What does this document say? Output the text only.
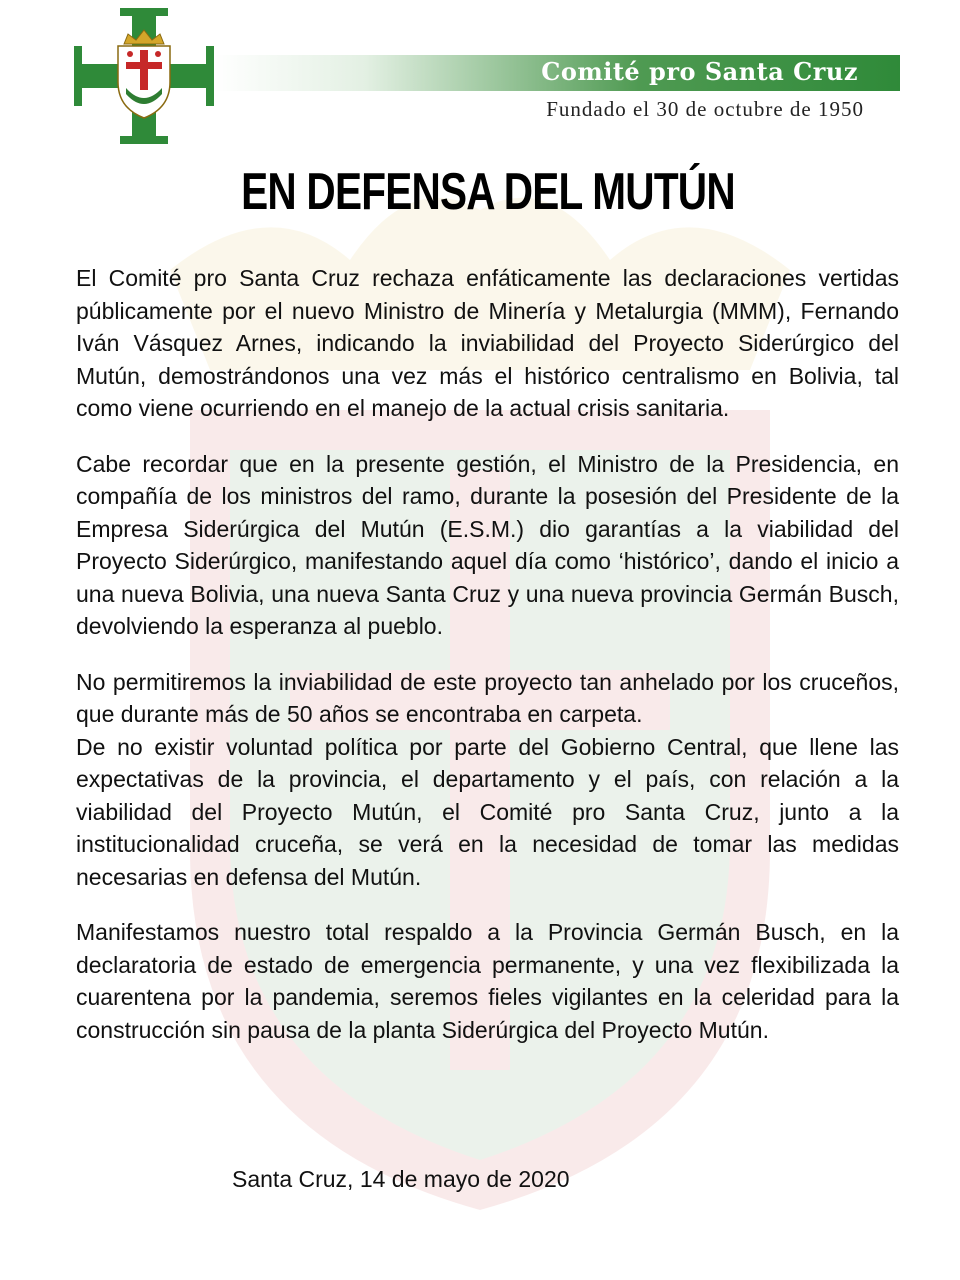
Comité pro Santa Cruz
Fundado el 30 de octubre de 1950
EN DEFENSA DEL MUTÚN

El Comité pro Santa Cruz rechaza enfáticamente las declaraciones vertidas públicamente por el nuevo Ministro de Minería y Metalurgia (MMM), Fernando Iván Vásquez Arnes, indicando la inviabilidad del Proyecto Siderúrgico del Mutún, demostrándonos una vez más el histórico centralismo en Bolivia, tal como viene ocurriendo en el manejo de la actual crisis sanitaria.

Cabe recordar que en la presente gestión, el Ministro de la Presidencia, en compañía de los ministros del ramo, durante la posesión del Presidente de la Empresa Siderúrgica del Mutún (E.S.M.) dio garantías a la viabilidad del Proyecto Siderúrgico, manifestando aquel día como ‘histórico’, dando el inicio a una nueva Bolivia, una nueva Santa Cruz y una nueva provincia Germán Busch, devolviendo la esperanza al pueblo.

No permitiremos la inviabilidad de este proyecto tan anhelado por los cruceños, que durante más de 50 años se encontraba en carpeta.

De no existir voluntad política por parte del Gobierno Central, que llene las expectativas de la provincia, el departamento y el país, con relación a la viabilidad del Proyecto Mutún, el Comité pro Santa Cruz, junto a la institucionalidad cruceña, se verá en la necesidad de tomar las medidas necesarias en defensa del Mutún.

Manifestamos nuestro total respaldo a la Provincia Germán Busch, en la declaratoria de estado de emergencia permanente, y una vez flexibilizada la cuarentena por la pandemia, seremos fieles vigilantes en la celeridad para la construcción sin pausa de la planta Siderúrgica del Proyecto Mutún.

Santa Cruz, 14 de mayo de 2020
